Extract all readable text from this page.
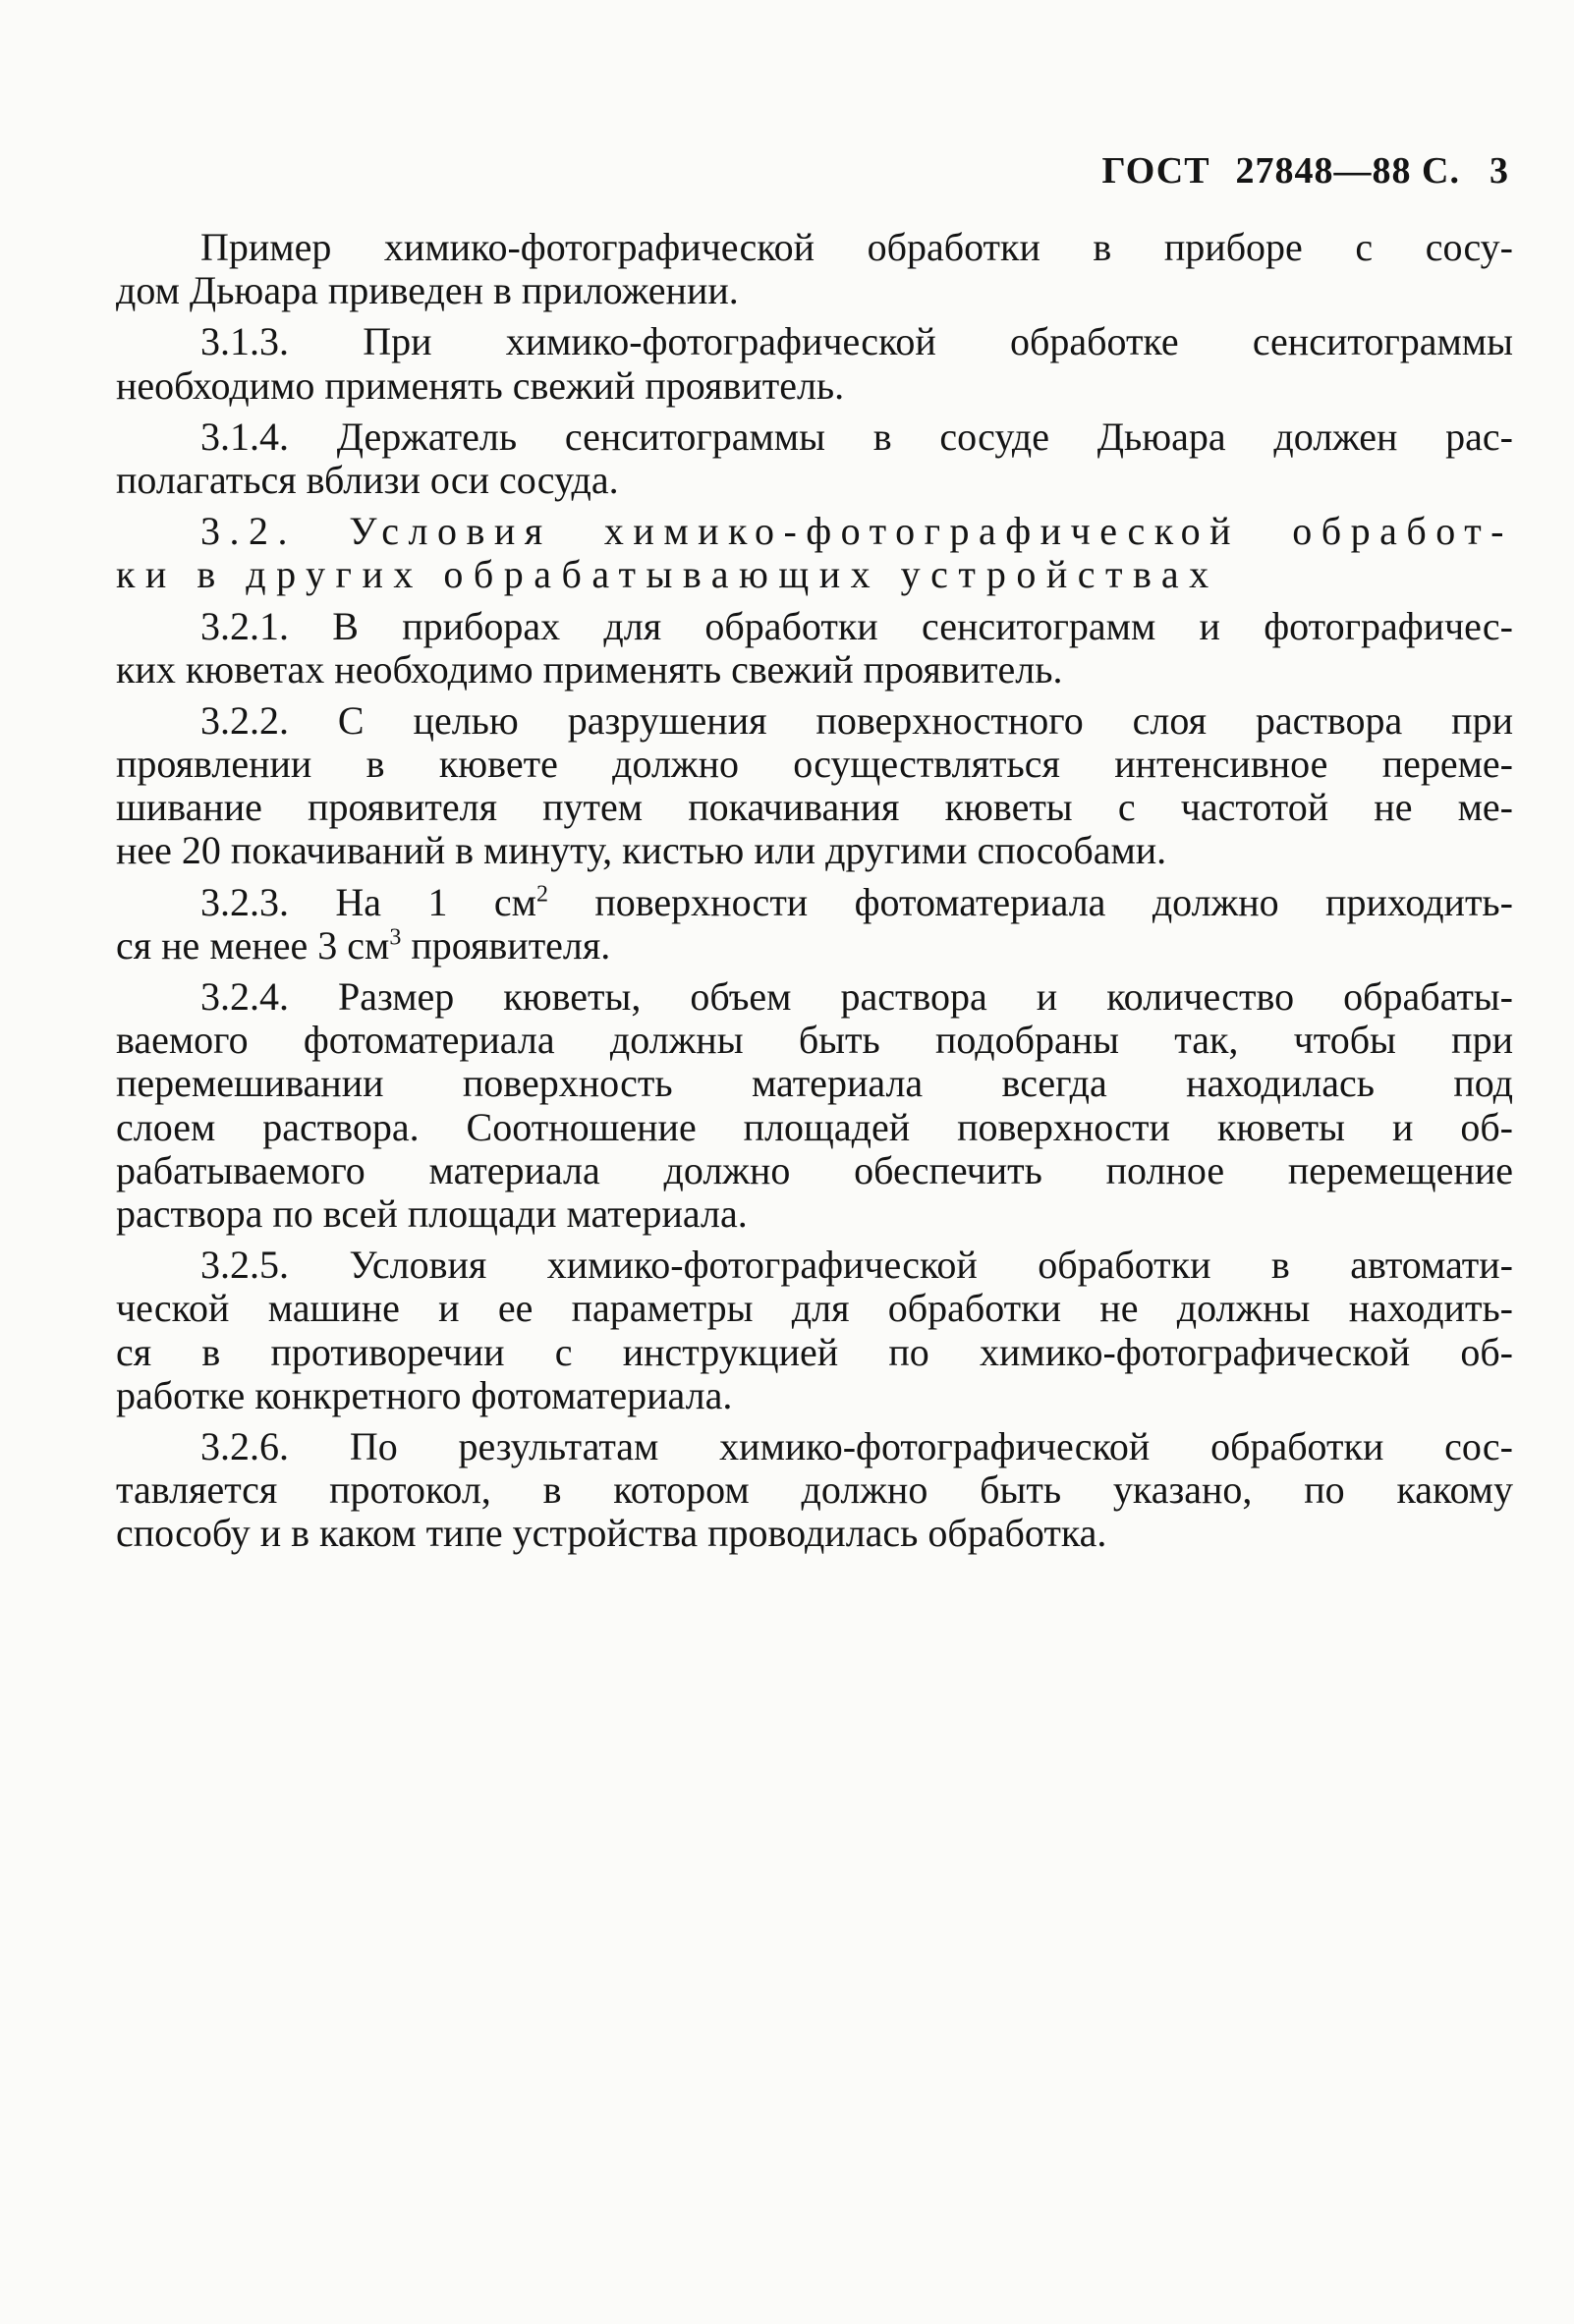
ГОСТ 27848—88 С. 3
Пример химико-фотографической обработки в приборе с сосу-
дом Дьюара приведен в приложении.
3.1.3. При химико-фотографической обработке сенситограммы
необходимо применять свежий проявитель.
3.1.4. Держатель сенситограммы в сосуде Дьюара должен рас-
полагаться вблизи оси сосуда.
3.2. Условия химико-фотографической обработ-
ки в других обрабатывающих устройствах
3.2.1. В приборах для обработки сенситограмм и фотографичес-
ких кюветах необходимо применять свежий проявитель.
3.2.2. С целью разрушения поверхностного слоя раствора при
проявлении в кювете должно осуществляться интенсивное переме-
шивание проявителя путем покачивания кюветы с частотой не ме-
нее 20 покачиваний в минуту, кистью или другими способами.
3.2.3. На 1 $см^2$ поверхности фотоматериала должно приходить-
ся не менее 3 $см^3$ проявителя.
3.2.4. Размер кюветы, объем раствора и количество обрабаты-
ваемого фотоматериала должны быть подобраны так, чтобы при
перемешивании поверхность материала всегда находилась под
слоем раствора. Соотношение площадей поверхности кюветы и об-
рабатываемого материала должно обеспечить полное перемещение
раствора по всей площади материала.
3.2.5. Условия химико-фотографической обработки в автомати-
ческой машине и ее параметры для обработки не должны находить-
ся в противоречии с инструкцией по химико-фотографической об-
работке конкретного фотоматериала.
3.2.6. По результатам химико-фотографической обработки сос-
тавляется протокол, в котором должно быть указано, по какому
способу и в каком типе устройства проводилась обработка.
